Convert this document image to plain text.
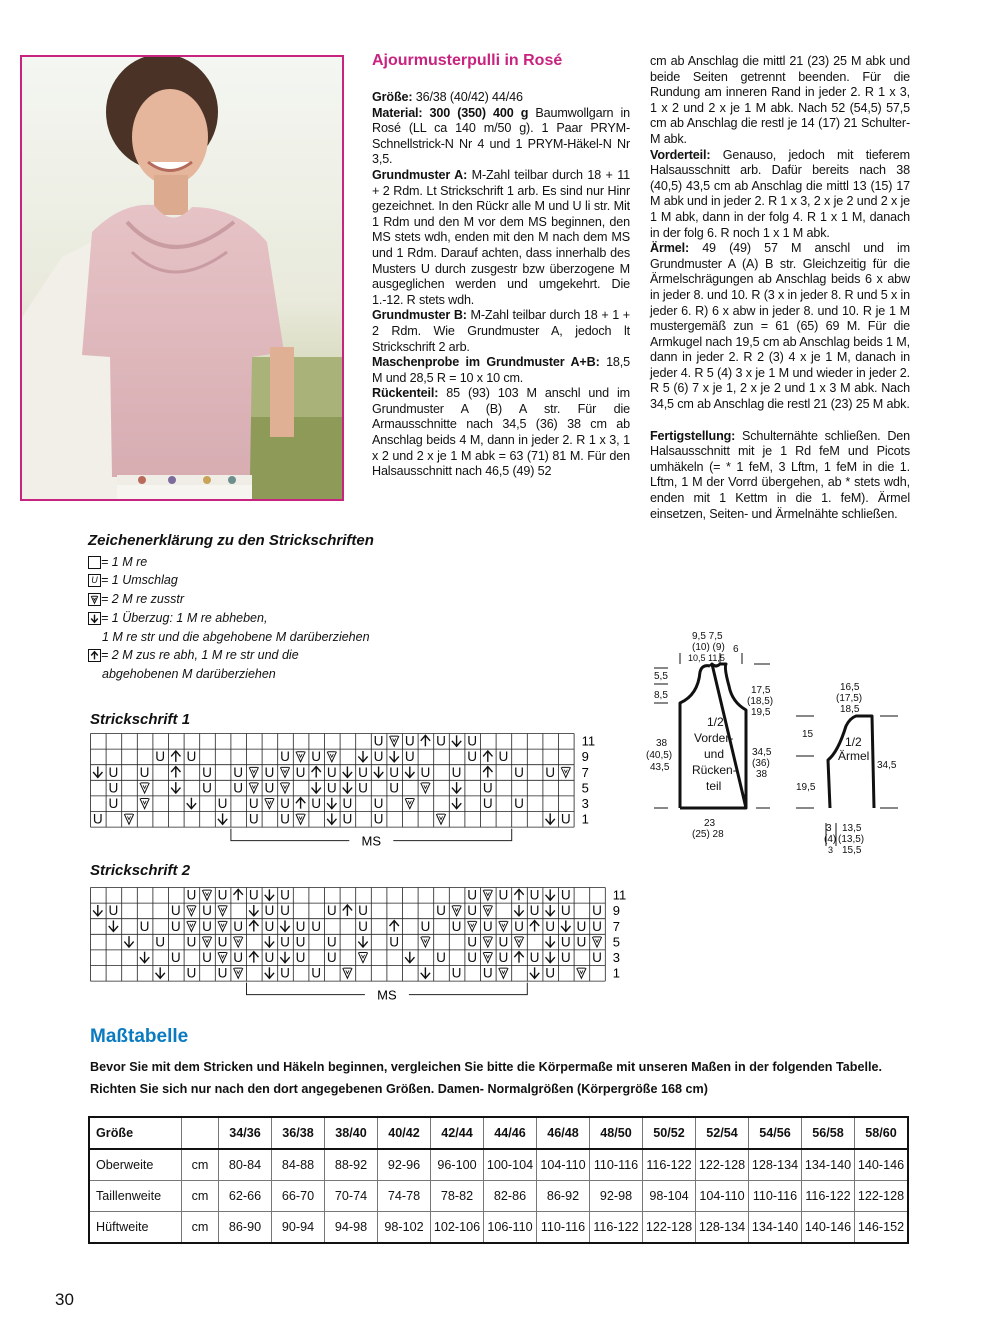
Ajourmusterpulli in Rosé

Größe: 36/38 (40/42) 44/46

Material: 300 (350) 400 g Baumwollgarn in Rosé (LL ca 140 m/50 g). 1 Paar PRYM-Schnellstrick-N Nr 4 und 1 PRYM-Häkel-N Nr 3,5.

Grundmuster A: M-Zahl teilbar durch 18 + 11 + 2 Rdm. Lt Strickschrift 1 arb. Es sind nur Hinr gezeichnet. In den Rückr alle M und U li str. Mit 1 Rdm und den M vor dem MS beginnen, den MS stets wdh, enden mit den M nach dem MS und 1 Rdm. Darauf achten, dass innerhalb des Musters U durch zusgestr bzw überzogene M ausgeglichen werden und umgekehrt. Die 1.-12. R stets wdh.

Grundmuster B: M-Zahl teilbar durch 18 + 1 + 2 Rdm. Wie Grundmuster A, jedoch lt Strickschrift 2 arb.

Maschenprobe im Grundmuster A+B: 18,5 M und 28,5 R = 10 x 10 cm.

Rückenteil: 85 (93) 103 M anschl und im Grundmuster A (B) A str. Für die Armausschnitte nach 34,5 (36) 38 cm ab Anschlag beids 4 M, dann in jeder 2. R 1 x 3, 1 x 2 und 2 x je 1 M abk = 63 (71) 81 M. Für den Halsausschnitt nach 46,5 (49) 52

cm ab Anschlag die mittl 21 (23) 25 M abk und beide Seiten getrennt beenden. Für die Rundung am inneren Rand in jeder 2. R 1 x 3, 1 x 2 und 2 x je 1 M abk. Nach 52 (54,5) 57,5 cm ab Anschlag die restl je 14 (17) 21 Schulter-M abk.

Vorderteil: Genauso, jedoch mit tieferem Halsausschnitt arb. Dafür bereits nach 38 (40,5) 43,5 cm ab Anschlag die mittl 13 (15) 17 M abk und in jeder 2. R 1 x 3, 2 x je 2 und 2 x je 1 M abk, dann in der folg 4. R 1 x 1 M, danach in der folg 6. R noch 1 x 1 M abk.

Ärmel: 49 (49) 57 M anschl und im Grundmuster A (A) B str. Gleichzeitig für die Ärmelschrägungen ab Anschlag beids 6 x abw in jeder 8. und 10. R (3 x in jeder 8. R und 5 x in jeder 6. R) 6 x abw in jeder 8. und 10. R je 1 M mustergemäß zun = 61 (65) 69 M. Für die Armkugel nach 19,5 cm ab Anschlag beids 1 M, dann in jeder 2. R 2 (3) 4 x je 1 M, danach in jeder 4. R 5 (4) 3 x je 1 M und wieder in jeder 2. R 5 (6) 7 x je 1, 2 x je 2 und 1 x 3 M abk. Nach 34,5 cm ab Anschlag die restl 21 (23) 25 M abk.

Fertigstellung: Schulternähte schließen. Den Halsausschnitt mit je 1 Rd feM und Picots umhäkeln (= * 1 feM, 3 Lftm, 1 feM in die 1. Lftm, 1 M der Vorrd übergehen, ab * stets wdh, enden mit 1 Kettm in die 1. feM). Ärmel einsetzen, Seiten- und Ärmelnähte schließen.

Zeichenerklärung zu den Strickschriften
= 1 M re
U = 1 Umschlag
= 2 M re zusstr
= 1 Überzug: 1 M re abheben,
1 M re str und die abgehobene M darüberziehen
= 2 M zus re abh, 1 M re str und die
abgehobenen M darüberziehen
Strickschrift 1
U U U U
U U	U U	U U	U U
U U	U U U U U U U U U	U U
U	U U U	U U U	U
U	U U U U U U	U U
U	U U	U U	U
11
9
7
5
3
1
MS
Strickschrift 2
U U U U	U U U U
U	U U	U U	U U	U U	U U U
U U U U U U U	U	U U U U U U U
U U U	U U U	U	U U	U U
U U U U U U	U U U U U U
U U	U U	U U	U
11
9
7
5
3
1
MS
9,5 7,5
(10) (9)
10,5 11,5
6
5,5
8,5	17,5
(18,5)
19,5
38
(40,5)
43,5
1/2
Vorder-
und
Rücken-
teil
34,5
(36)
38
23
(25) 28
16,5
(17,5)
18,5
15
19,5
1/2
Ärmel
34,5
3 13,5
(4) (13,5)
3 15,5
Maßtabelle
Bevor Sie mit dem Stricken und Häkeln beginnen, vergleichen Sie bitte die Körpermaße mit unseren Maßen in der folgenden Tabelle.
Richten Sie sich nur nach den dort angegebenen Größen. Damen- Normalgrößen (Körpergröße 168 cm)
Größe		34/36	36/38	38/40	40/42	42/44	44/46	46/48	48/50	50/52	52/54	54/56	56/58	58/60
Oberweite	cm	80-84	84-88	88-92	92-96	96-100	100-104	104-110	110-116	116-122	122-128	128-134	134-140	140-146
Taillenweite	cm	62-66	66-70	70-74	74-78	78-82	82-86	86-92	92-98	98-104	104-110	110-116	116-122	122-128
Hüftweite	cm	86-90	90-94	94-98	98-102	102-106	106-110	110-116	116-122	122-128	128-134	134-140	140-146	146-152
30
